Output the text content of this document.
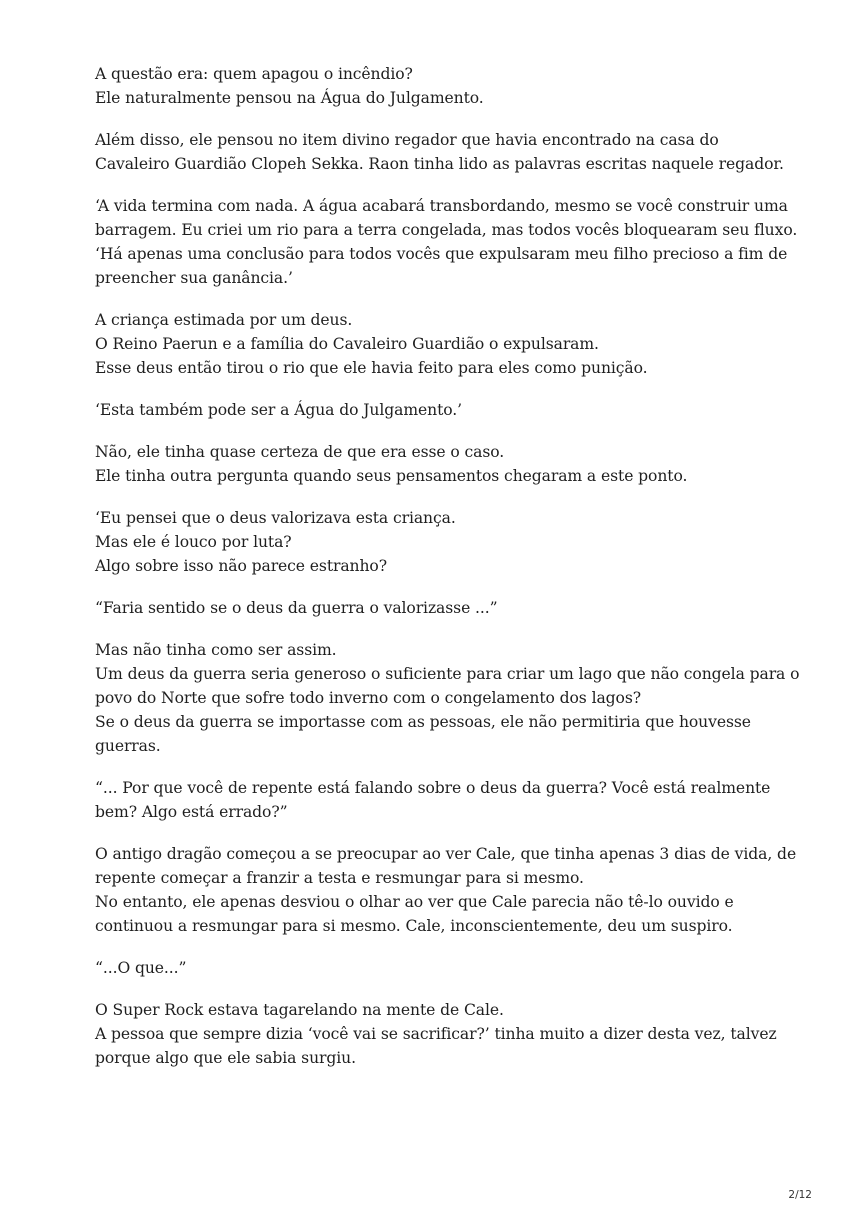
A questão era: quem apagou o incêndio?
Ele naturalmente pensou na Água do Julgamento.

Além disso, ele pensou no item divino regador que havia encontrado na casa do
Cavaleiro Guardião Clopeh Sekka. Raon tinha lido as palavras escritas naquele regador.

‘A vida termina com nada. A água acabará transbordando, mesmo se você construir uma
barragem. Eu criei um rio para a terra congelada, mas todos vocês bloquearam seu fluxo.
‘Há apenas uma conclusão para todos vocês que expulsaram meu filho precioso a fim de
preencher sua ganância.’

A criança estimada por um deus.
O Reino Paerun e a família do Cavaleiro Guardião o expulsaram.
Esse deus então tirou o rio que ele havia feito para eles como punição.

‘Esta também pode ser a Água do Julgamento.’

Não, ele tinha quase certeza de que era esse o caso.
Ele tinha outra pergunta quando seus pensamentos chegaram a este ponto.

‘Eu pensei que o deus valorizava esta criança.
Mas ele é louco por luta?
Algo sobre isso não parece estranho?

“Faria sentido se o deus da guerra o valorizasse ...”

Mas não tinha como ser assim.
Um deus da guerra seria generoso o suficiente para criar um lago que não congela para o
povo do Norte que sofre todo inverno com o congelamento dos lagos?
Se o deus da guerra se importasse com as pessoas, ele não permitiria que houvesse
guerras.

“... Por que você de repente está falando sobre o deus da guerra? Você está realmente
bem? Algo está errado?”

O antigo dragão começou a se preocupar ao ver Cale, que tinha apenas 3 dias de vida, de
repente começar a franzir a testa e resmungar para si mesmo.
No entanto, ele apenas desviou o olhar ao ver que Cale parecia não tê-lo ouvido e
continuou a resmungar para si mesmo. Cale, inconscientemente, deu um suspiro.

“...O que...”

O Super Rock estava tagarelando na mente de Cale.
A pessoa que sempre dizia ‘você vai se sacrificar?’ tinha muito a dizer desta vez, talvez
porque algo que ele sabia surgiu.

2/12
